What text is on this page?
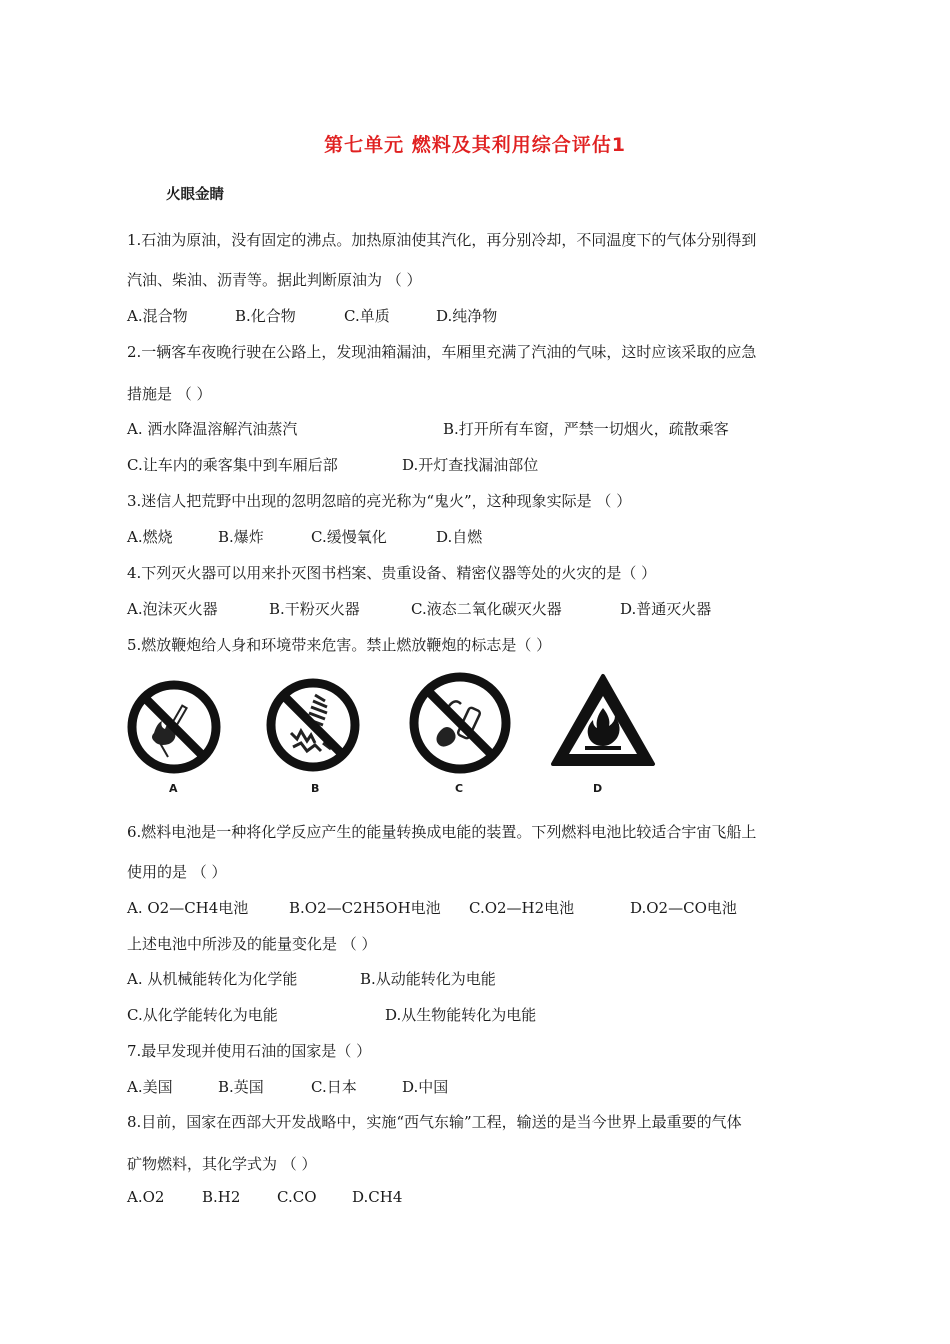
第七单元 燃料及其利用综合评估1
火眼金睛
1.石油为原油，没有固定的沸点。加热原油使其汽化，再分别冷却，不同温度下的气体分别得到
汽油、柴油、沥青等。据此判断原油为 （ ）
A.混合物	B.化合物	C.单质	D.纯净物
2.一辆客车夜晚行驶在公路上，发现油箱漏油，车厢里充满了汽油的气味，这时应该采取的应急
措施是 （ ）
A. 洒水降温溶解汽油蒸汽	B.打开所有车窗，严禁一切烟火，疏散乘客
C.让车内的乘客集中到车厢后部	D.开灯查找漏油部位
3.迷信人把荒野中出现的忽明忽暗的亮光称为“鬼火”，这种现象实际是 （ ）
A.燃烧	B.爆炸	C.缓慢氧化	D.自燃
4.下列灭火器可以用来扑灭图书档案、贵重设备、精密仪器等处的火灾的是（ ）
A.泡沫灭火器	B.干粉灭火器	C.液态二氧化碳灭火器	D.普通灭火器
5.燃放鞭炮给人身和环境带来危害。禁止燃放鞭炮的标志是（ ）
A	B	C	D
6.燃料电池是一种将化学反应产生的能量转换成电能的装置。下列燃料电池比较适合宇宙飞船上
使用的是 （ ）
A. O2—CH4电池	B.O2—C2H5OH电池 C.O2—H2电池	D.O2—CO电池
上述电池中所涉及的能量变化是 （ ）
A. 从机械能转化为化学能	B.从动能转化为电能
C.从化学能转化为电能	D.从生物能转化为电能
7.最早发现并使用石油的国家是（ ）
A.美国	B.英国	C.日本	D.中国
8.目前，国家在西部大开发战略中，实施“西气东输”工程，输送的是当今世界上最重要的气体
矿物燃料，其化学式为 （ ）
A.O2	B.H2 C.CO D.CH4
